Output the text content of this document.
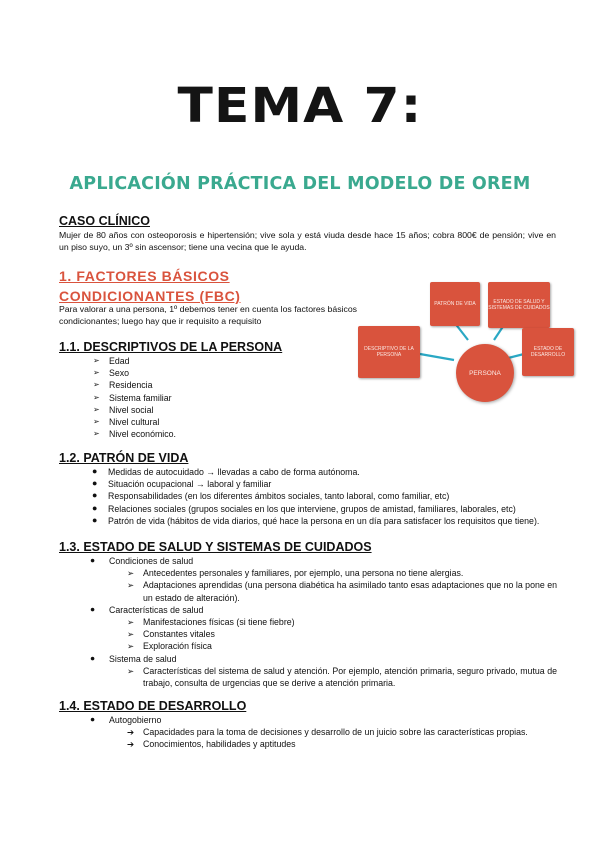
TEMA 7:
APLICACIÓN PRÁCTICA DEL MODELO DE OREM
CASO CLÍNICO
Mujer de 80 años con osteoporosis e hipertensión; vive sola y está viuda desde hace 15 años; cobra 800€ de pensión; vive en un piso suyo, un 3º sin ascensor; tiene una vecina que le ayuda.
1. FACTORES BÁSICOS CONDICIONANTES (FBC)
Para valorar a una persona, 1º debemos tener en cuenta los factores básicos condicionantes; luego hay que ir requisito a requisito
DESCRIPTIVO DE LA PERSONA
PATRÓN DE VIDA	ESTADO DE SALUD Y SISTEMAS DE CUIDADOS
ESTADO DE DESARROLLO
PERSONA
1.1. DESCRIPTIVOS DE LA PERSONA
➢ Edad
➢ Sexo
➢ Residencia
➢ Sistema familiar
➢ Nivel social
➢ Nivel cultural
➢ Nivel económico.
1.2. PATRÓN DE VIDA
● Medidas de autocuidado → llevadas a cabo de forma autónoma.
● Situación ocupacional → laboral y familiar
● Responsabilidades (en los diferentes ámbitos sociales, tanto laboral, como familiar, etc)
● Relaciones sociales (grupos sociales en los que interviene, grupos de amistad, familiares, laborales, etc)
● Patrón de vida (hábitos de vida diarios, qué hace la persona en un día para satisfacer los requisitos que tiene).
1.3. ESTADO DE SALUD Y SISTEMAS DE CUIDADOS
● Condiciones de salud
➢ Antecedentes personales y familiares, por ejemplo, una persona no tiene alergias.
➢ Adaptaciones aprendidas (una persona diabética ha asimilado tanto esas adaptaciones que no la pone en un estado de alteración).
● Características de salud
➢ Manifestaciones físicas (si tiene fiebre)
➢ Constantes vitales
➢ Exploración física
● Sistema de salud
➢ Características del sistema de salud y atención. Por ejemplo, atención primaria, seguro privado, mutua de trabajo, consulta de urgencias que se derive a atención primaria.
1.4. ESTADO DE DESARROLLO
● Autogobierno
➔ Capacidades para la toma de decisiones y desarrollo de un juicio sobre las características propias.
➔ Conocimientos, habilidades y aptitudes
